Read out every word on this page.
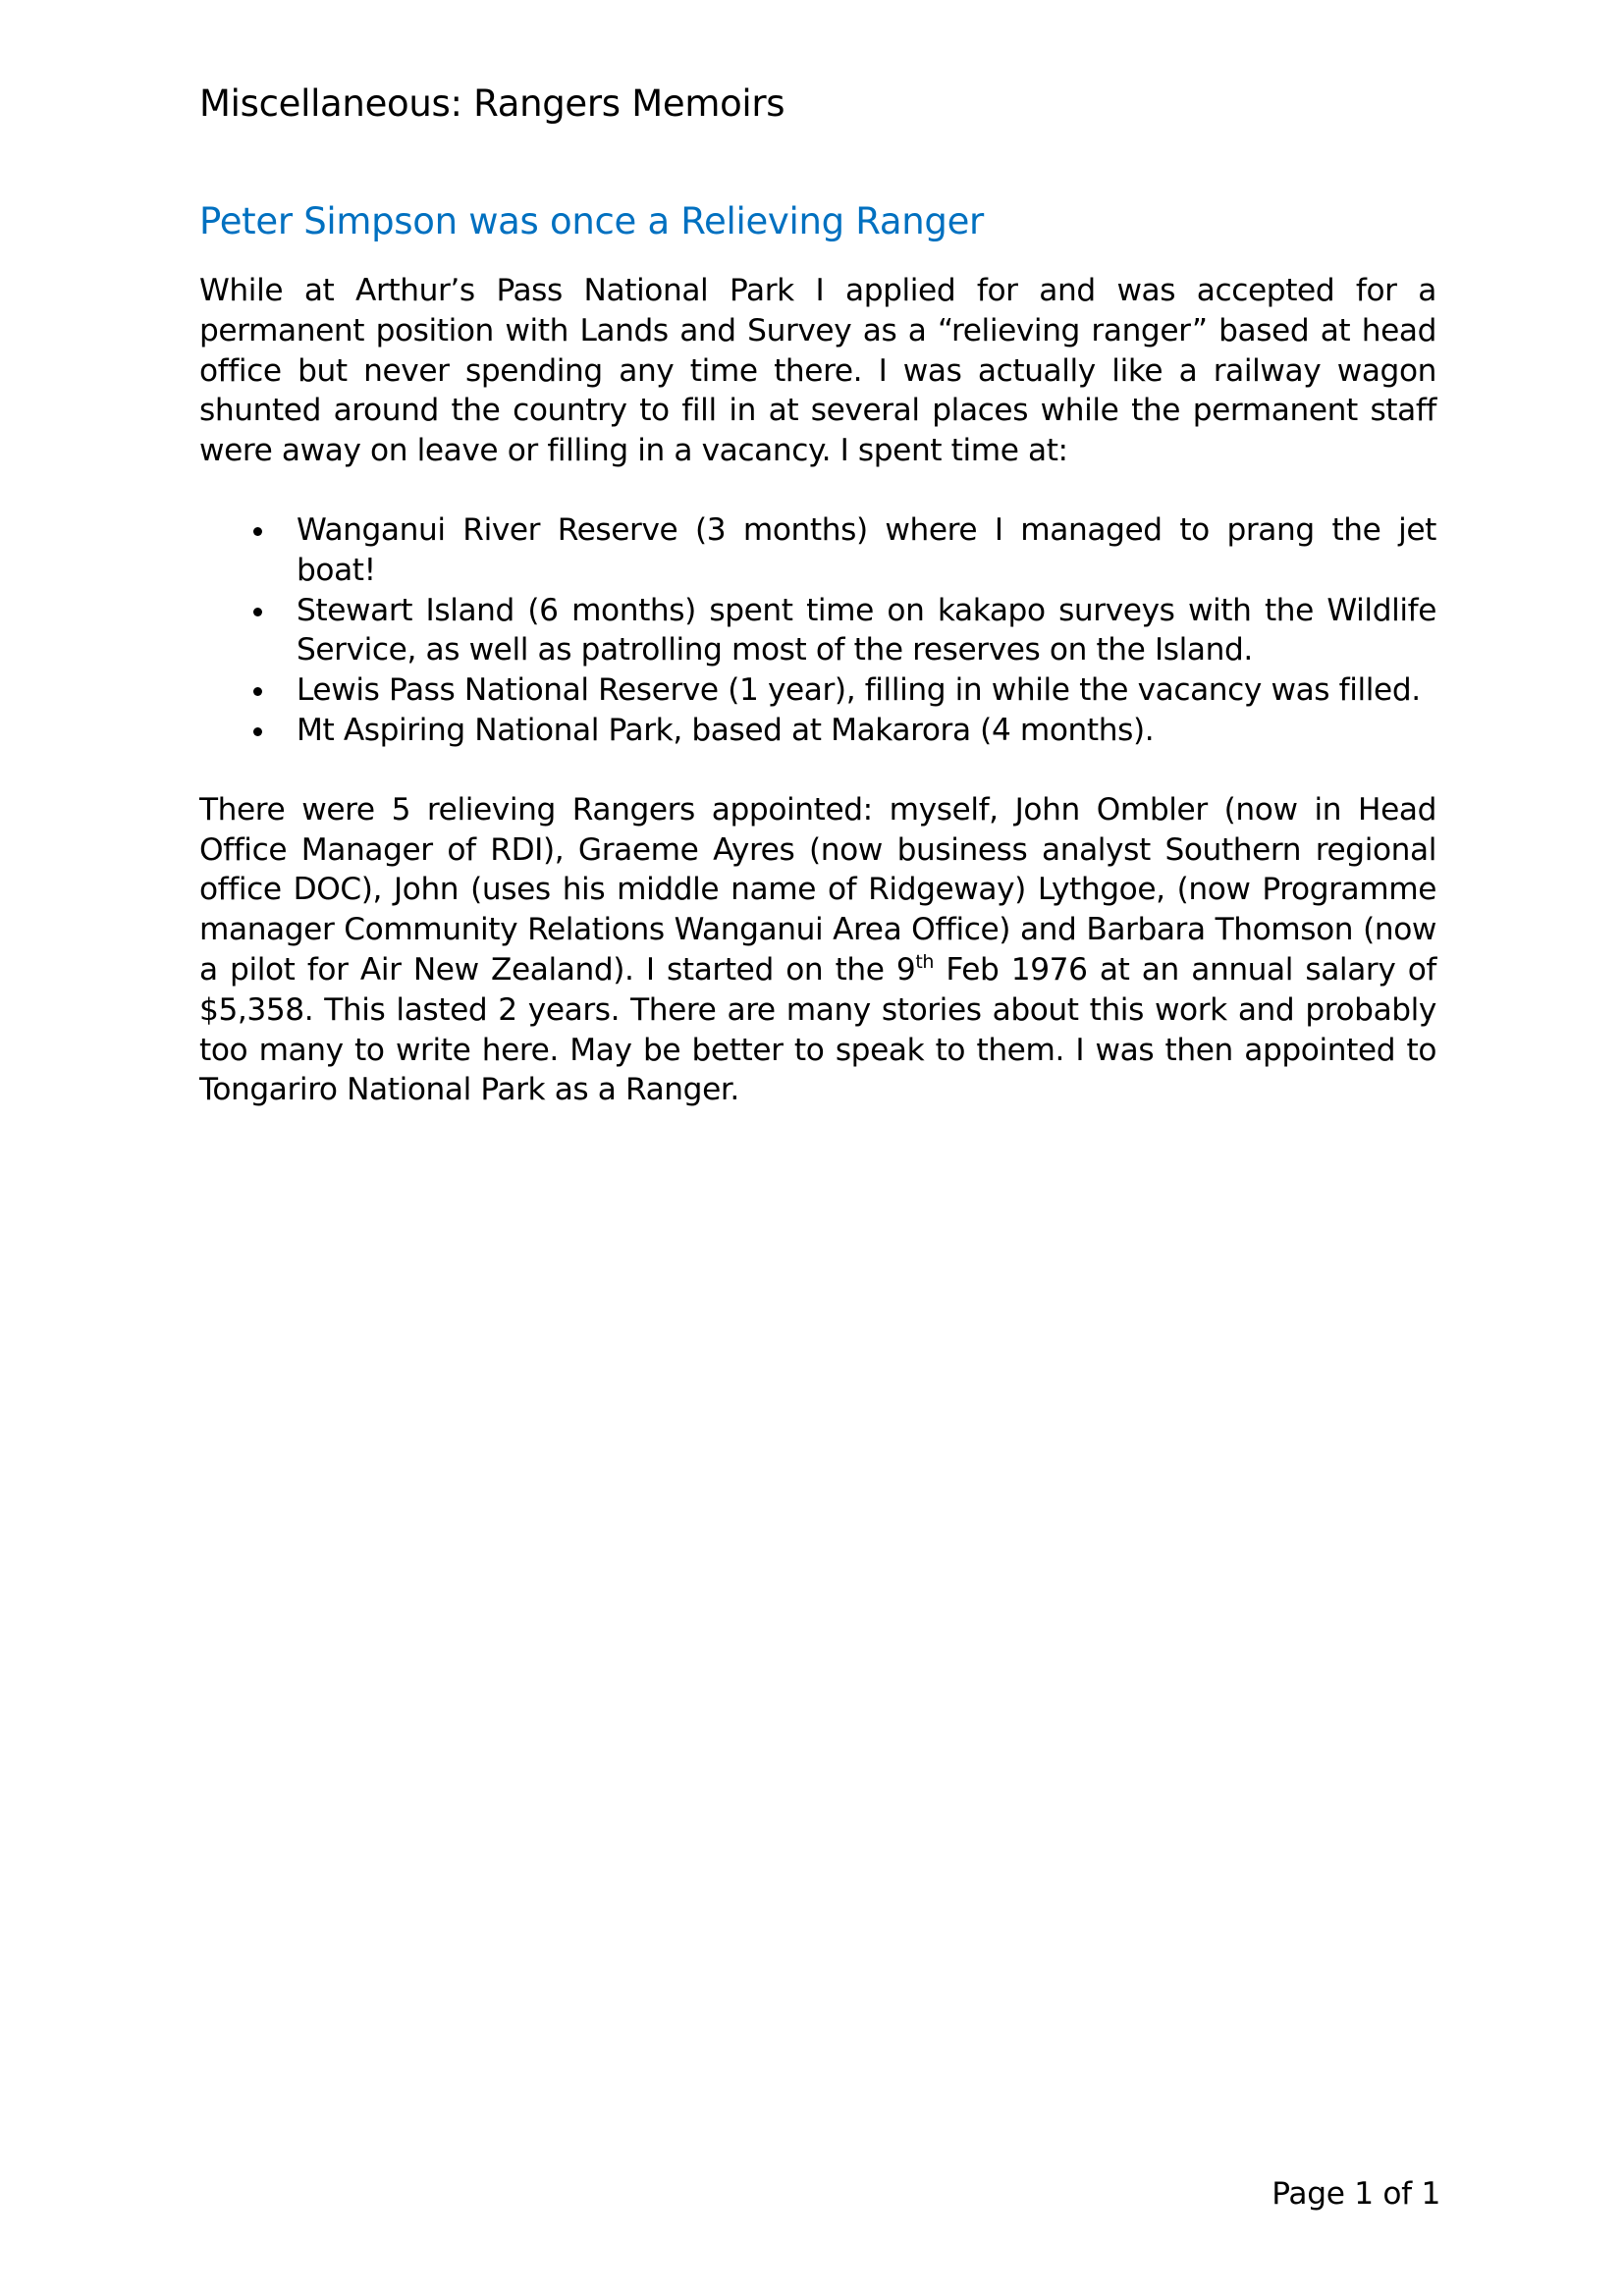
Miscellaneous: Rangers Memoirs
Peter Simpson was once a Relieving Ranger

While at Arthur’s Pass National Park I applied for and was accepted for a permanent position with Lands and Survey as a “relieving ranger” based at head office but never spending any time there. I was actually like a railway wagon shunted around the country to fill in at several places while the permanent staff were away on leave or filling in a vacancy. I spent time at:

Wanganui River Reserve (3 months) where I managed to prang the jet boat!
Stewart Island (6 months) spent time on kakapo surveys with the Wildlife Service, as well as patrolling most of the reserves on the Island.
Lewis Pass National Reserve (1 year), filling in while the vacancy was filled.
Mt Aspiring National Park, based at Makarora (4 months).

There were 5 relieving Rangers appointed: myself, John Ombler (now in Head Office Manager of RDI), Graeme Ayres (now business analyst Southern regional office DOC), John (uses his middle name of Ridgeway) Lythgoe, (now Programme manager Community Relations Wanganui Area Office) and Barbara Thomson (now a pilot for Air New Zealand). I started on the 9th Feb 1976 at an annual salary of $5,358. This lasted 2 years. There are many stories about this work and probably too many to write here. May be better to speak to them. I was then appointed to Tongariro National Park as a Ranger.

Page 1 of 1
